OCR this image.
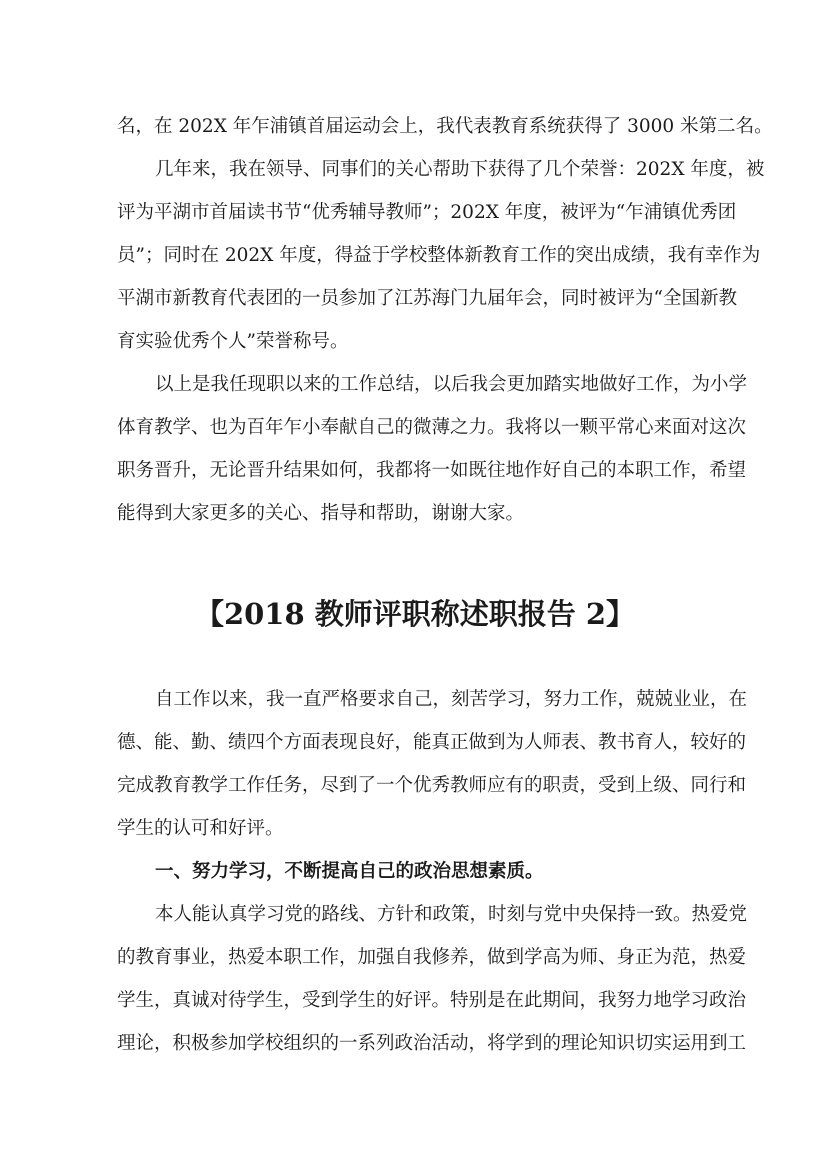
名，在 202X 年乍浦镇首届运动会上，我代表教育系统获得了 3000 米第二名。
几年来，我在领导、同事们的关心帮助下获得了几个荣誉：202X 年度，被
评为平湖市首届读书节“优秀辅导教师”；202X 年度，被评为“乍浦镇优秀团
员”；同时在 202X 年度，得益于学校整体新教育工作的突出成绩，我有幸作为
平湖市新教育代表团的一员参加了江苏海门九届年会，同时被评为“全国新教
育实验优秀个人”荣誉称号。
以上是我任现职以来的工作总结，以后我会更加踏实地做好工作，为小学
体育教学、也为百年乍小奉献自己的微薄之力。我将以一颗平常心来面对这次
职务晋升，无论晋升结果如何，我都将一如既往地作好自己的本职工作，希望
能得到大家更多的关心、指导和帮助，谢谢大家。
【2018 教师评职称述职报告 2】
自工作以来，我一直严格要求自己，刻苦学习，努力工作，兢兢业业，在
德、能、勤、绩四个方面表现良好，能真正做到为人师表、教书育人，较好的
完成教育教学工作任务，尽到了一个优秀教师应有的职责，受到上级、同行和
学生的认可和好评。
一、努力学习，不断提高自己的政治思想素质。
本人能认真学习党的路线、方针和政策，时刻与党中央保持一致。热爱党
的教育事业，热爱本职工作，加强自我修养，做到学高为师、身正为范，热爱
学生，真诚对待学生，受到学生的好评。特别是在此期间，我努力地学习政治
理论，积极参加学校组织的一系列政治活动，将学到的理论知识切实运用到工
